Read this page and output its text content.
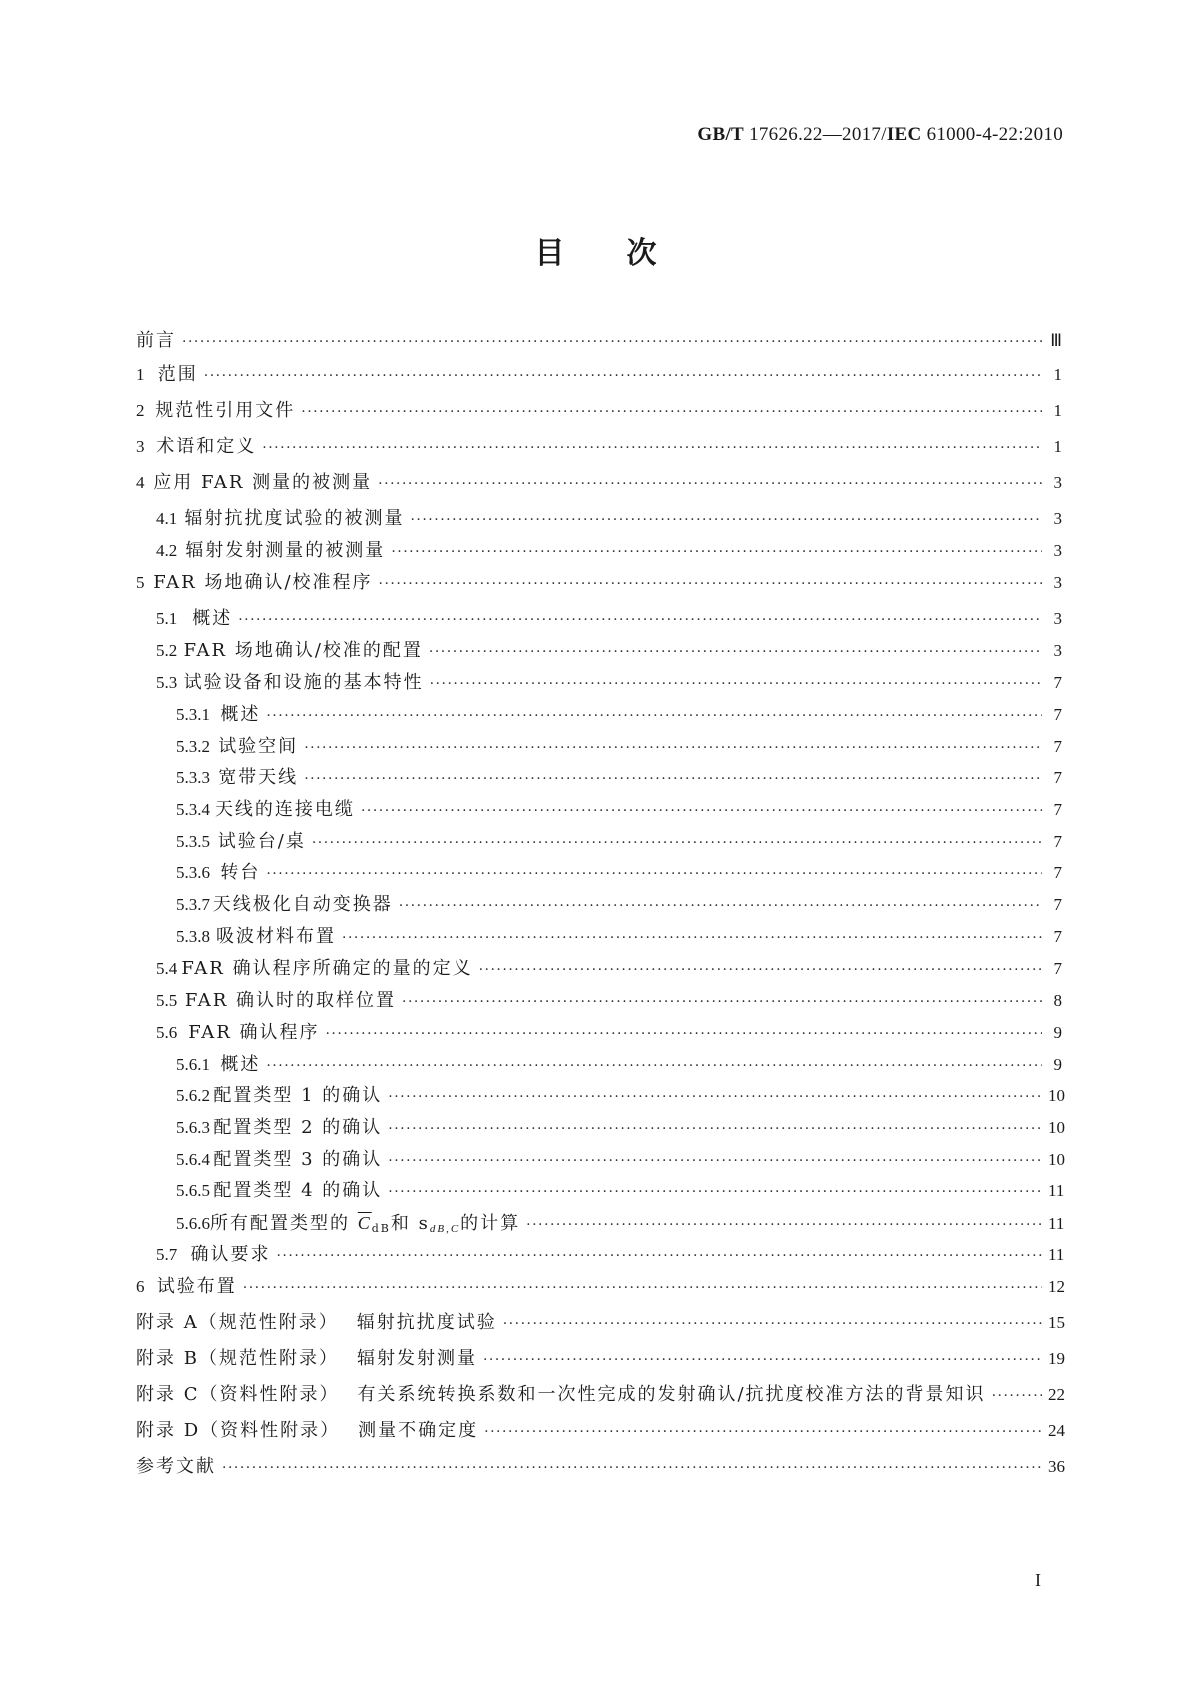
GB/T 17626.22—2017/IEC 61000-4-22:2010
目次
前言 ·····	Ⅲ
1 范围 ·····	1
2 规范性引用文件 ·····	1
3 术语和定义 ·····	1
4 应用 FAR 测量的被测量 ·····	3
4.1 辐射抗扰度试验的被测量 ·····	3
4.2 辐射发射测量的被测量 ·····	3
5 FAR 场地确认/校准程序 ·····	3
5.1 概述 ·····	3
5.2 FAR 场地确认/校准的配置 ·····	3
5.3 试验设备和设施的基本特性 ·····	7
5.3.1 概述 ·····	7
5.3.2 试验空间 ·····	7
5.3.3 宽带天线 ·····	7
5.3.4 天线的连接电缆 ·····	7
5.3.5 试验台/桌 ·····	7
5.3.6 转台 ·····	7
5.3.7 天线极化自动变换器 ·····	7
5.3.8 吸波材料布置 ·····	7
5.4 FAR 确认程序所确定的量的定义 ·····	7
5.5 FAR 确认时的取样位置 ·····	8
5.6 FAR 确认程序 ·····	9
5.6.1 概述 ·····	9
5.6.2 配置类型 1 的确认 ·····	10
5.6.3 配置类型 2 的确认 ·····	10
5.6.4 配置类型 3 的确认 ·····	10
5.6.5 配置类型 4 的确认 ·····	11
5.6.6 所有配置类型的 $\overline{C}_{dB}$和 $s_{dB,C}$的计算 ·····	11
5.7 确认要求 ·····	11
6 试验布置 ·····	12
附录 A（规范性附录） 辐射抗扰度试验 ·····	15
附录 B（规范性附录） 辐射发射测量 ·····	19
附录 C（资料性附录） 有关系统转换系数和一次性完成的发射确认/抗扰度校准方法的背景知识 ·····	22
附录 D（资料性附录） 测量不确定度 ·····	24
参考文献 ·····	36
I
